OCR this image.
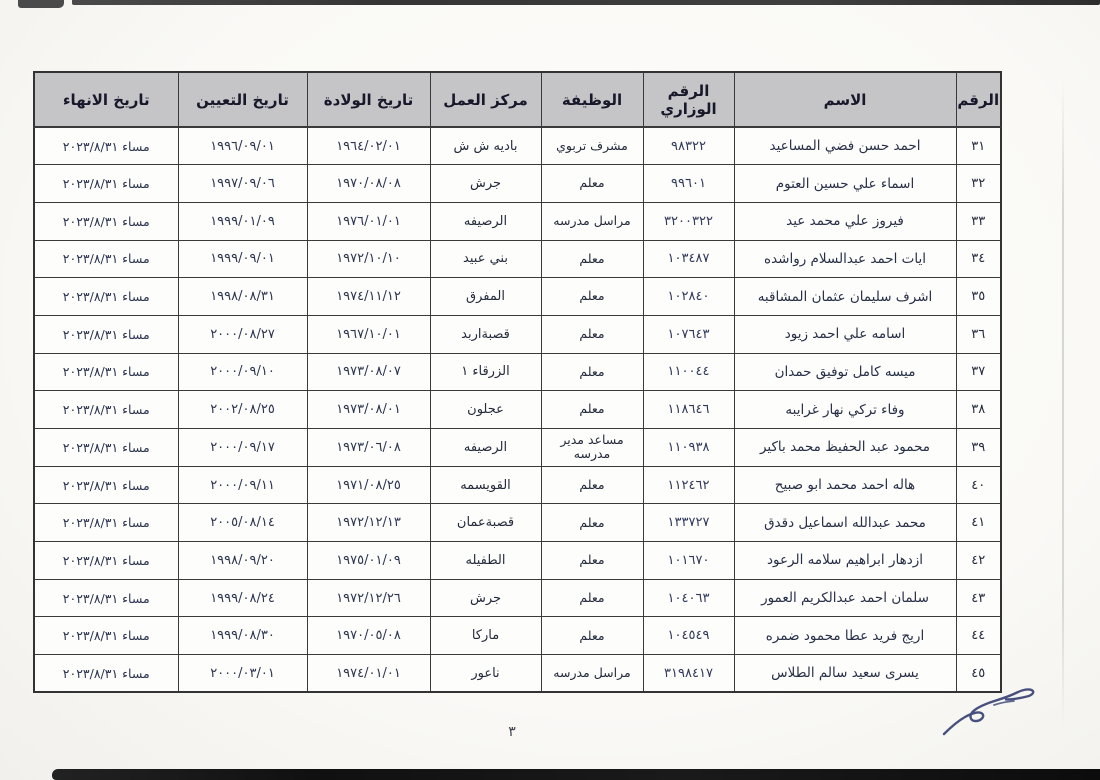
الرقم	الاسم	الرقم الوزاري	الوظيفة	مركز العمل	تاريخ الولادة	تاريخ التعيين	تاريخ الانهاء
٣١	احمد حسن فضي المساعيد	٩٨٣٢٢	مشرف تربوي	باديه ش ش	١٩٦٤/٠٢/٠١	١٩٩٦/٠٩/٠١	مساء ٢٠٢٣/٨/٣١
٣٢	اسماء علي حسين العتوم	٩٩٦٠١	معلم	جرش	١٩٧٠/٠٨/٠٨	١٩٩٧/٠٩/٠٦	مساء ٢٠٢٣/٨/٣١
٣٣	فيروز علي محمد عيد	٣٢٠٠٣٢٢	مراسل مدرسه	الرصيفه	١٩٧٦/٠١/٠١	١٩٩٩/٠١/٠٩	مساء ٢٠٢٣/٨/٣١
٣٤	ايات احمد عبدالسلام رواشده	١٠٣٤٨٧	معلم	بني عبيد	١٩٧٢/١٠/١٠	١٩٩٩/٠٩/٠١	مساء ٢٠٢٣/٨/٣١
٣٥	اشرف سليمان عثمان المشاقبه	١٠٢٨٤٠	معلم	المفرق	١٩٧٤/١١/١٢	١٩٩٨/٠٨/٣١	مساء ٢٠٢٣/٨/٣١
٣٦	اسامه علي احمد زيود	١٠٧٦٤٣	معلم	قصبةاربد	١٩٦٧/١٠/٠١	٢٠٠٠/٠٨/٢٧	مساء ٢٠٢٣/٨/٣١
٣٧	ميسه كامل توفيق حمدان	١١٠٠٤٤	معلم	الزرقاء ١	١٩٧٣/٠٨/٠٧	٢٠٠٠/٠٩/١٠	مساء ٢٠٢٣/٨/٣١
٣٨	وفاء تركي نهار غرايبه	١١٨٦٤٦	معلم	عجلون	١٩٧٣/٠٨/٠١	٢٠٠٢/٠٨/٢٥	مساء ٢٠٢٣/٨/٣١
٣٩	محمود عبد الحفيظ محمد باكير	١١٠٩٣٨	مساعد مدير مدرسه	الرصيفه	١٩٧٣/٠٦/٠٨	٢٠٠٠/٠٩/١٧	مساء ٢٠٢٣/٨/٣١
٤٠	هاله احمد محمد ابو صبيح	١١٢٤٦٢	معلم	القويسمه	١٩٧١/٠٨/٢٥	٢٠٠٠/٠٩/١١	مساء ٢٠٢٣/٨/٣١
٤١	محمد عبدالله اسماعيل دقدق	١٣٣٧٢٧	معلم	قصبةعمان	١٩٧٢/١٢/١٣	٢٠٠٥/٠٨/١٤	مساء ٢٠٢٣/٨/٣١
٤٢	ازدهار ابراهيم سلامه الرعود	١٠١٦٧٠	معلم	الطفيله	١٩٧٥/٠١/٠٩	١٩٩٨/٠٩/٢٠	مساء ٢٠٢٣/٨/٣١
٤٣	سلمان احمد عبدالكريم العمور	١٠٤٠٦٣	معلم	جرش	١٩٧٢/١٢/٢٦	١٩٩٩/٠٨/٢٤	مساء ٢٠٢٣/٨/٣١
٤٤	اريج فريد عطا محمود ضمره	١٠٤٥٤٩	معلم	ماركا	١٩٧٠/٠٥/٠٨	١٩٩٩/٠٨/٣٠	مساء ٢٠٢٣/٨/٣١
٤٥	يسرى سعيد سالم الطلاس	٣١٩٨٤١٧	مراسل مدرسه	ناعور	١٩٧٤/٠١/٠١	٢٠٠٠/٠٣/٠١	مساء ٢٠٢٣/٨/٣١
٣
